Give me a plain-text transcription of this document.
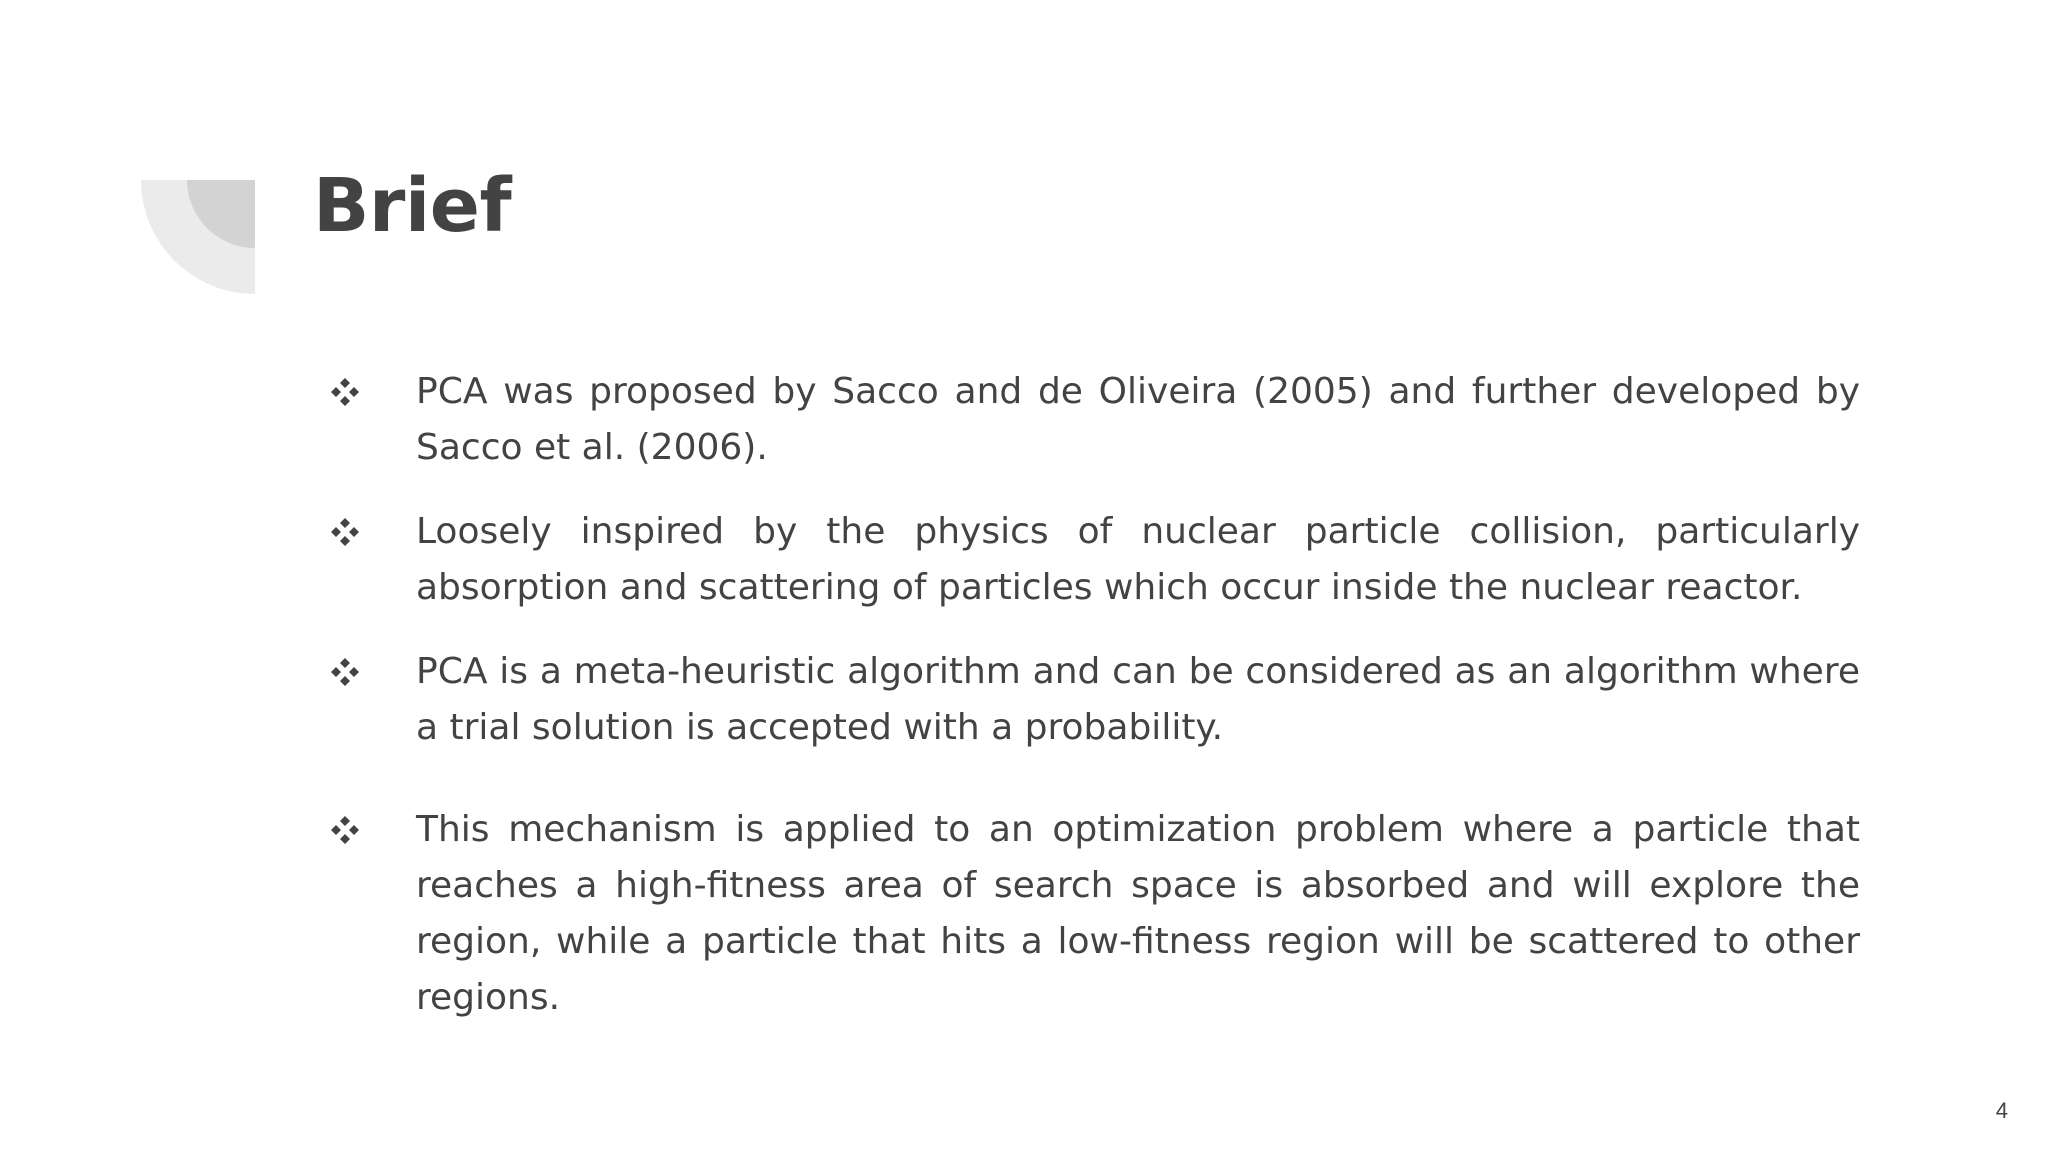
Brief
PCA was proposed by Sacco and de Oliveira (2005) and further developed by Sacco et al. (2006).
Loosely inspired by the physics of nuclear particle collision, particularly absorption and scattering of particles which occur inside the nuclear reactor.
PCA is a meta-heuristic algorithm and can be considered as an algorithm where a trial solution is accepted with a probability.
This mechanism is applied to an optimization problem where a particle that reaches a high-fitness area of search space is absorbed and will explore the region, while a particle that hits a low-fitness region will be scattered to other regions.
4
